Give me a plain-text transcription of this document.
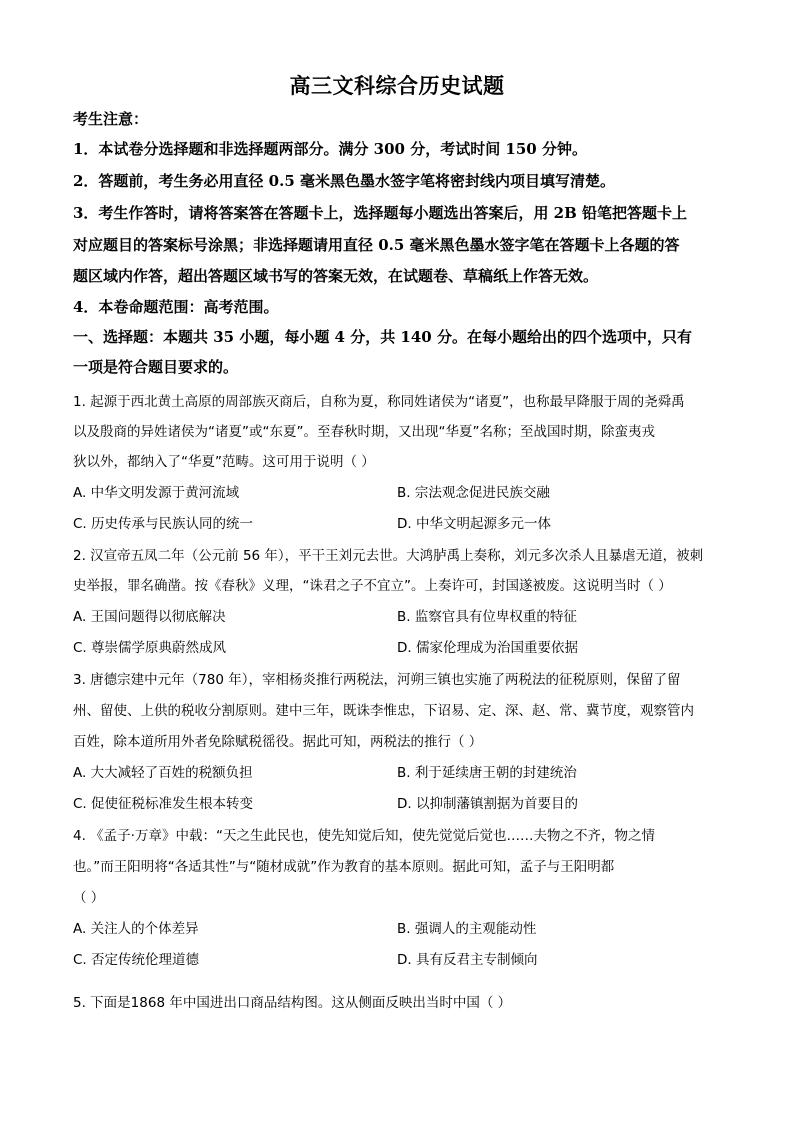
高三文科综合历史试题
考生注意：
1．本试卷分选择题和非选择题两部分。满分 300 分，考试时间 150 分钟。
2．答题前，考生务必用直径 0.5 毫米黑色墨水签字笔将密封线内项目填写清楚。
3．考生作答时，请将答案答在答题卡上，选择题每小题选出答案后，用 2B 铅笔把答题卡上
对应题目的答案标号涂黑；非选择题请用直径 0.5 毫米黑色墨水签字笔在答题卡上各题的答
题区域内作答，超出答题区域书写的答案无效，在试题卷、草稿纸上作答无效。
4．本卷命题范围：高考范围。
一、选择题：本题共 35 小题，每小题 4 分，共 140 分。在每小题给出的四个选项中，只有
一项是符合题目要求的。
1. 起源于西北黄土高原的周部族灭商后，自称为夏，称同姓诸侯为“诸夏”，也称最早降服于周的尧舜禹
以及殷商的异姓诸侯为“诸夏”或“东夏”。至春秋时期，又出现“华夏”名称；至战国时期，除蛮夷戎
狄以外，都纳入了“华夏”范畴。这可用于说明（ ）
A. 中华文明发源于黄河流域	B. 宗法观念促进民族交融
C. 历史传承与民族认同的统一	D. 中华文明起源多元一体
2. 汉宣帝五凤二年（公元前 56 年），平干王刘元去世。大鸿胪禹上奏称，刘元多次杀人且暴虐无道，被刺
史举报，罪名确凿。按《春秋》义理，“诛君之子不宜立”。上奏许可，封国遂被废。这说明当时（ ）
A. 王国问题得以彻底解决	B. 监察官具有位卑权重的特征
C. 尊崇儒学原典蔚然成风	D. 儒家伦理成为治国重要依据
3. 唐德宗建中元年（780 年），宰相杨炎推行两税法，河朔三镇也实施了两税法的征税原则，保留了留
州、留使、上供的税收分割原则。建中三年，既诛李惟忠，下诏易、定、深、赵、常、冀节度，观察管内
百姓，除本道所用外者免除赋税徭役。据此可知，两税法的推行（ ）
A. 大大减轻了百姓的税额负担	B. 利于延续唐王朝的封建统治
C. 促使征税标准发生根本转变	D. 以抑制藩镇割据为首要目的
4. 《孟子·万章》中载：“天之生此民也，使先知觉后知，使先觉觉后觉也……夫物之不齐，物之情
也。”而王阳明将“各适其性”与“随材成就”作为教育的基本原则。据此可知，孟子与王阳明都
（ ）
A. 关注人的个体差异	B. 强调人的主观能动性
C. 否定传统伦理道德	D. 具有反君主专制倾向
5. 下面是1868 年中国进出口商品结构图。这从侧面反映出当时中国（ ）
